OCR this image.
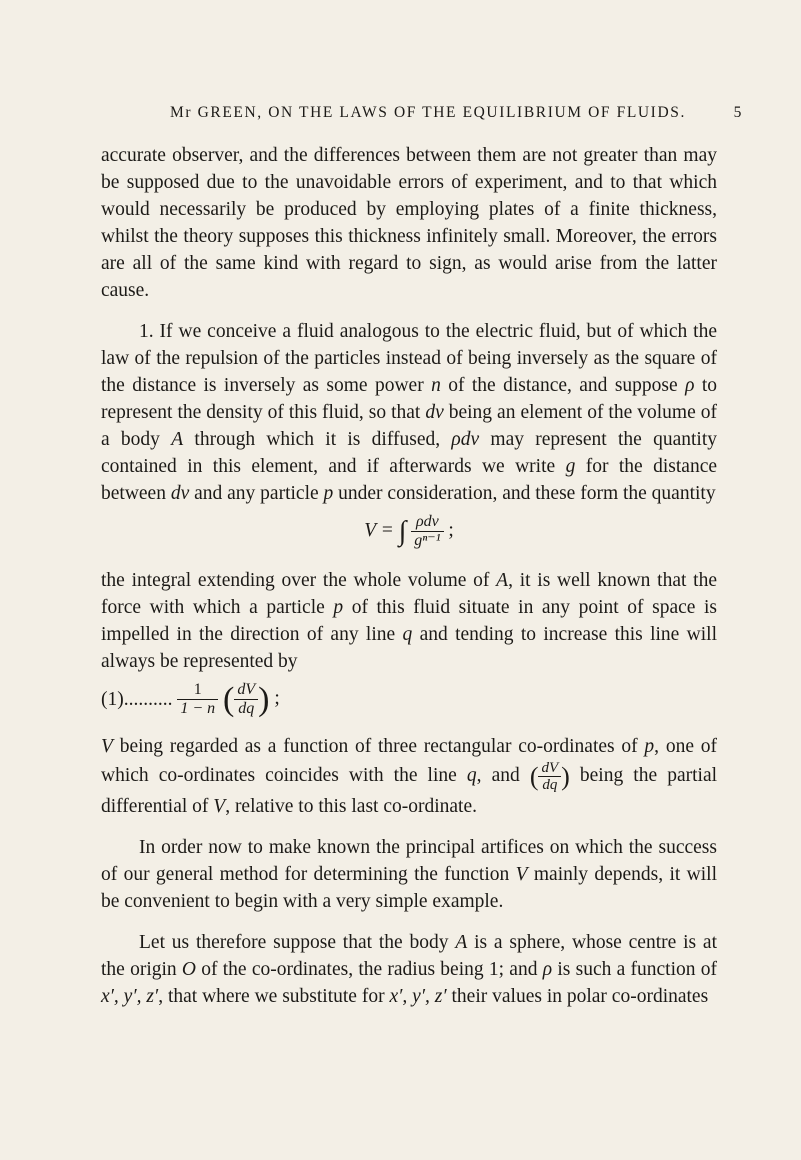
Mr GREEN, ON THE LAWS OF THE EQUILIBRIUM OF FLUIDS.	5

accurate observer, and the differences between them are not greater than may be supposed due to the unavoidable errors of experiment, and to that which would necessarily be produced by employing plates of a finite thickness, whilst the theory supposes this thickness infinitely small. Moreover, the errors are all of the same kind with regard to sign, as would arise from the latter cause.

1. If we conceive a fluid analogous to the electric fluid, but of which the law of the repulsion of the particles instead of being inversely as the square of the distance is inversely as some power n of the distance, and suppose ρ to represent the density of this fluid, so that dv being an element of the volume of a body A through which it is diffused, ρdv may represent the quantity contained in this element, and if afterwards we write g for the distance between dv and any particle p under consideration, and these form the quantity

V = ∫ $\frac{\text{ρdv}}{\text{gⁿ⁻¹}}$ ;

the integral extending over the whole volume of A, it is well known that the force with which a particle p of this fluid situate in any point of space is impelled in the direction of any line q and tending to increase this line will always be represented by

(1).......... $\frac{1}{1 - n}$ ( $\frac{dV}{dq}$ ) ;

V being regarded as a function of three rectangular co-ordinates of p, one of which co-ordinates coincides with the line q, and ( $\frac{dV}{dq}$ ) being the partial differential of V, relative to this last co-ordinate.

In order now to make known the principal artifices on which the success of our general method for determining the function V mainly depends, it will be convenient to begin with a very simple example.

Let us therefore suppose that the body A is a sphere, whose centre is at the origin O of the co-ordinates, the radius being 1; and ρ is such a function of x′, y′, z′, that where we substitute for x′, y′, z′ their values in polar co-ordinates
